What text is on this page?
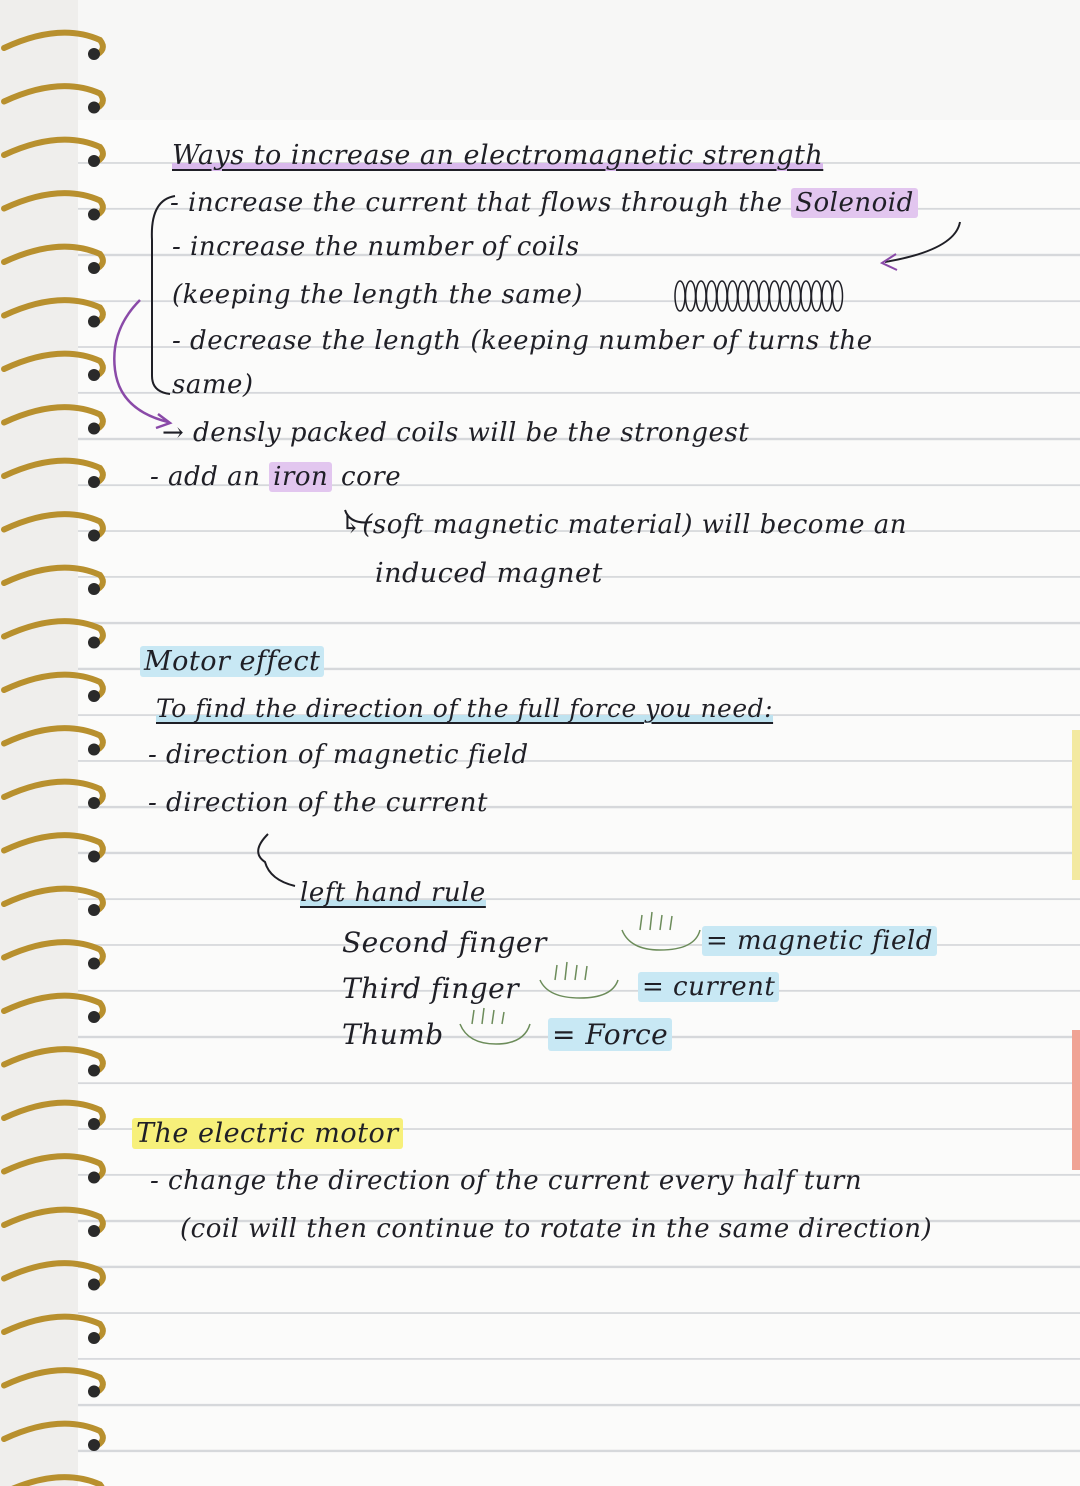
Ways to increase an electromagnetic strength
- increase the current that flows through the Solenoid
- increase the number of coils
(keeping the length the same)
- decrease the length (keeping number of turns the
same)
→ densly packed coils will be the strongest
- add an iron core
↳(soft magnetic material) will become an
induced magnet
Motor effect
To find the direction of the full force you need:
- direction of magnetic field
- direction of the current
left hand rule
Second finger	= magnetic field
Third finger	= current
Thumb	= Force
The electric motor
- change the direction of the current every half turn
(coil will then continue to rotate in the same direction)
